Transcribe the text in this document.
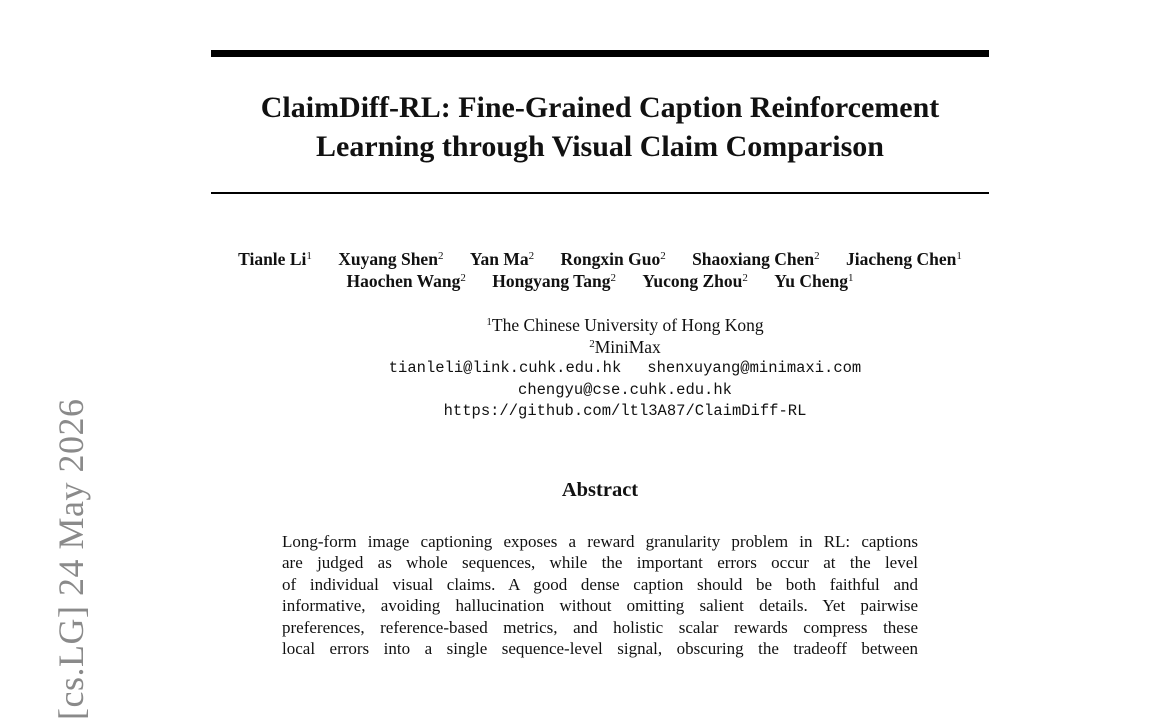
[cs.LG] 24 May 2026
ClaimDiff-RL: Fine-Grained Caption Reinforcement
Learning through Visual Claim Comparison
Tianle Li$^1$ Xuyang Shen$^2$ Yan Ma$^2$ Rongxin Guo$^2$ Shaoxiang Chen$^2$ Jiacheng Chen$^1$
Haochen Wang$^2$ Hongyang Tang$^2$ Yucong Zhou$^2$ Yu Cheng$^1$
$^1$The Chinese University of Hong Kong
$^2$MiniMax
tianleli@link.cuhk.edu.hk shenxuyang@minimaxi.com
chengyu@cse.cuhk.edu.hk
https://github.com/ltl3A87/ClaimDiff-RL
Abstract
Long-form image captioning exposes a reward granularity problem in RL: captions
are judged as whole sequences, while the important errors occur at the level
of individual visual claims. A good dense caption should be both faithful and
informative, avoiding hallucination without omitting salient details. Yet pairwise
preferences, reference-based metrics, and holistic scalar rewards compress these
local errors into a single sequence-level signal, obscuring the tradeoff between
